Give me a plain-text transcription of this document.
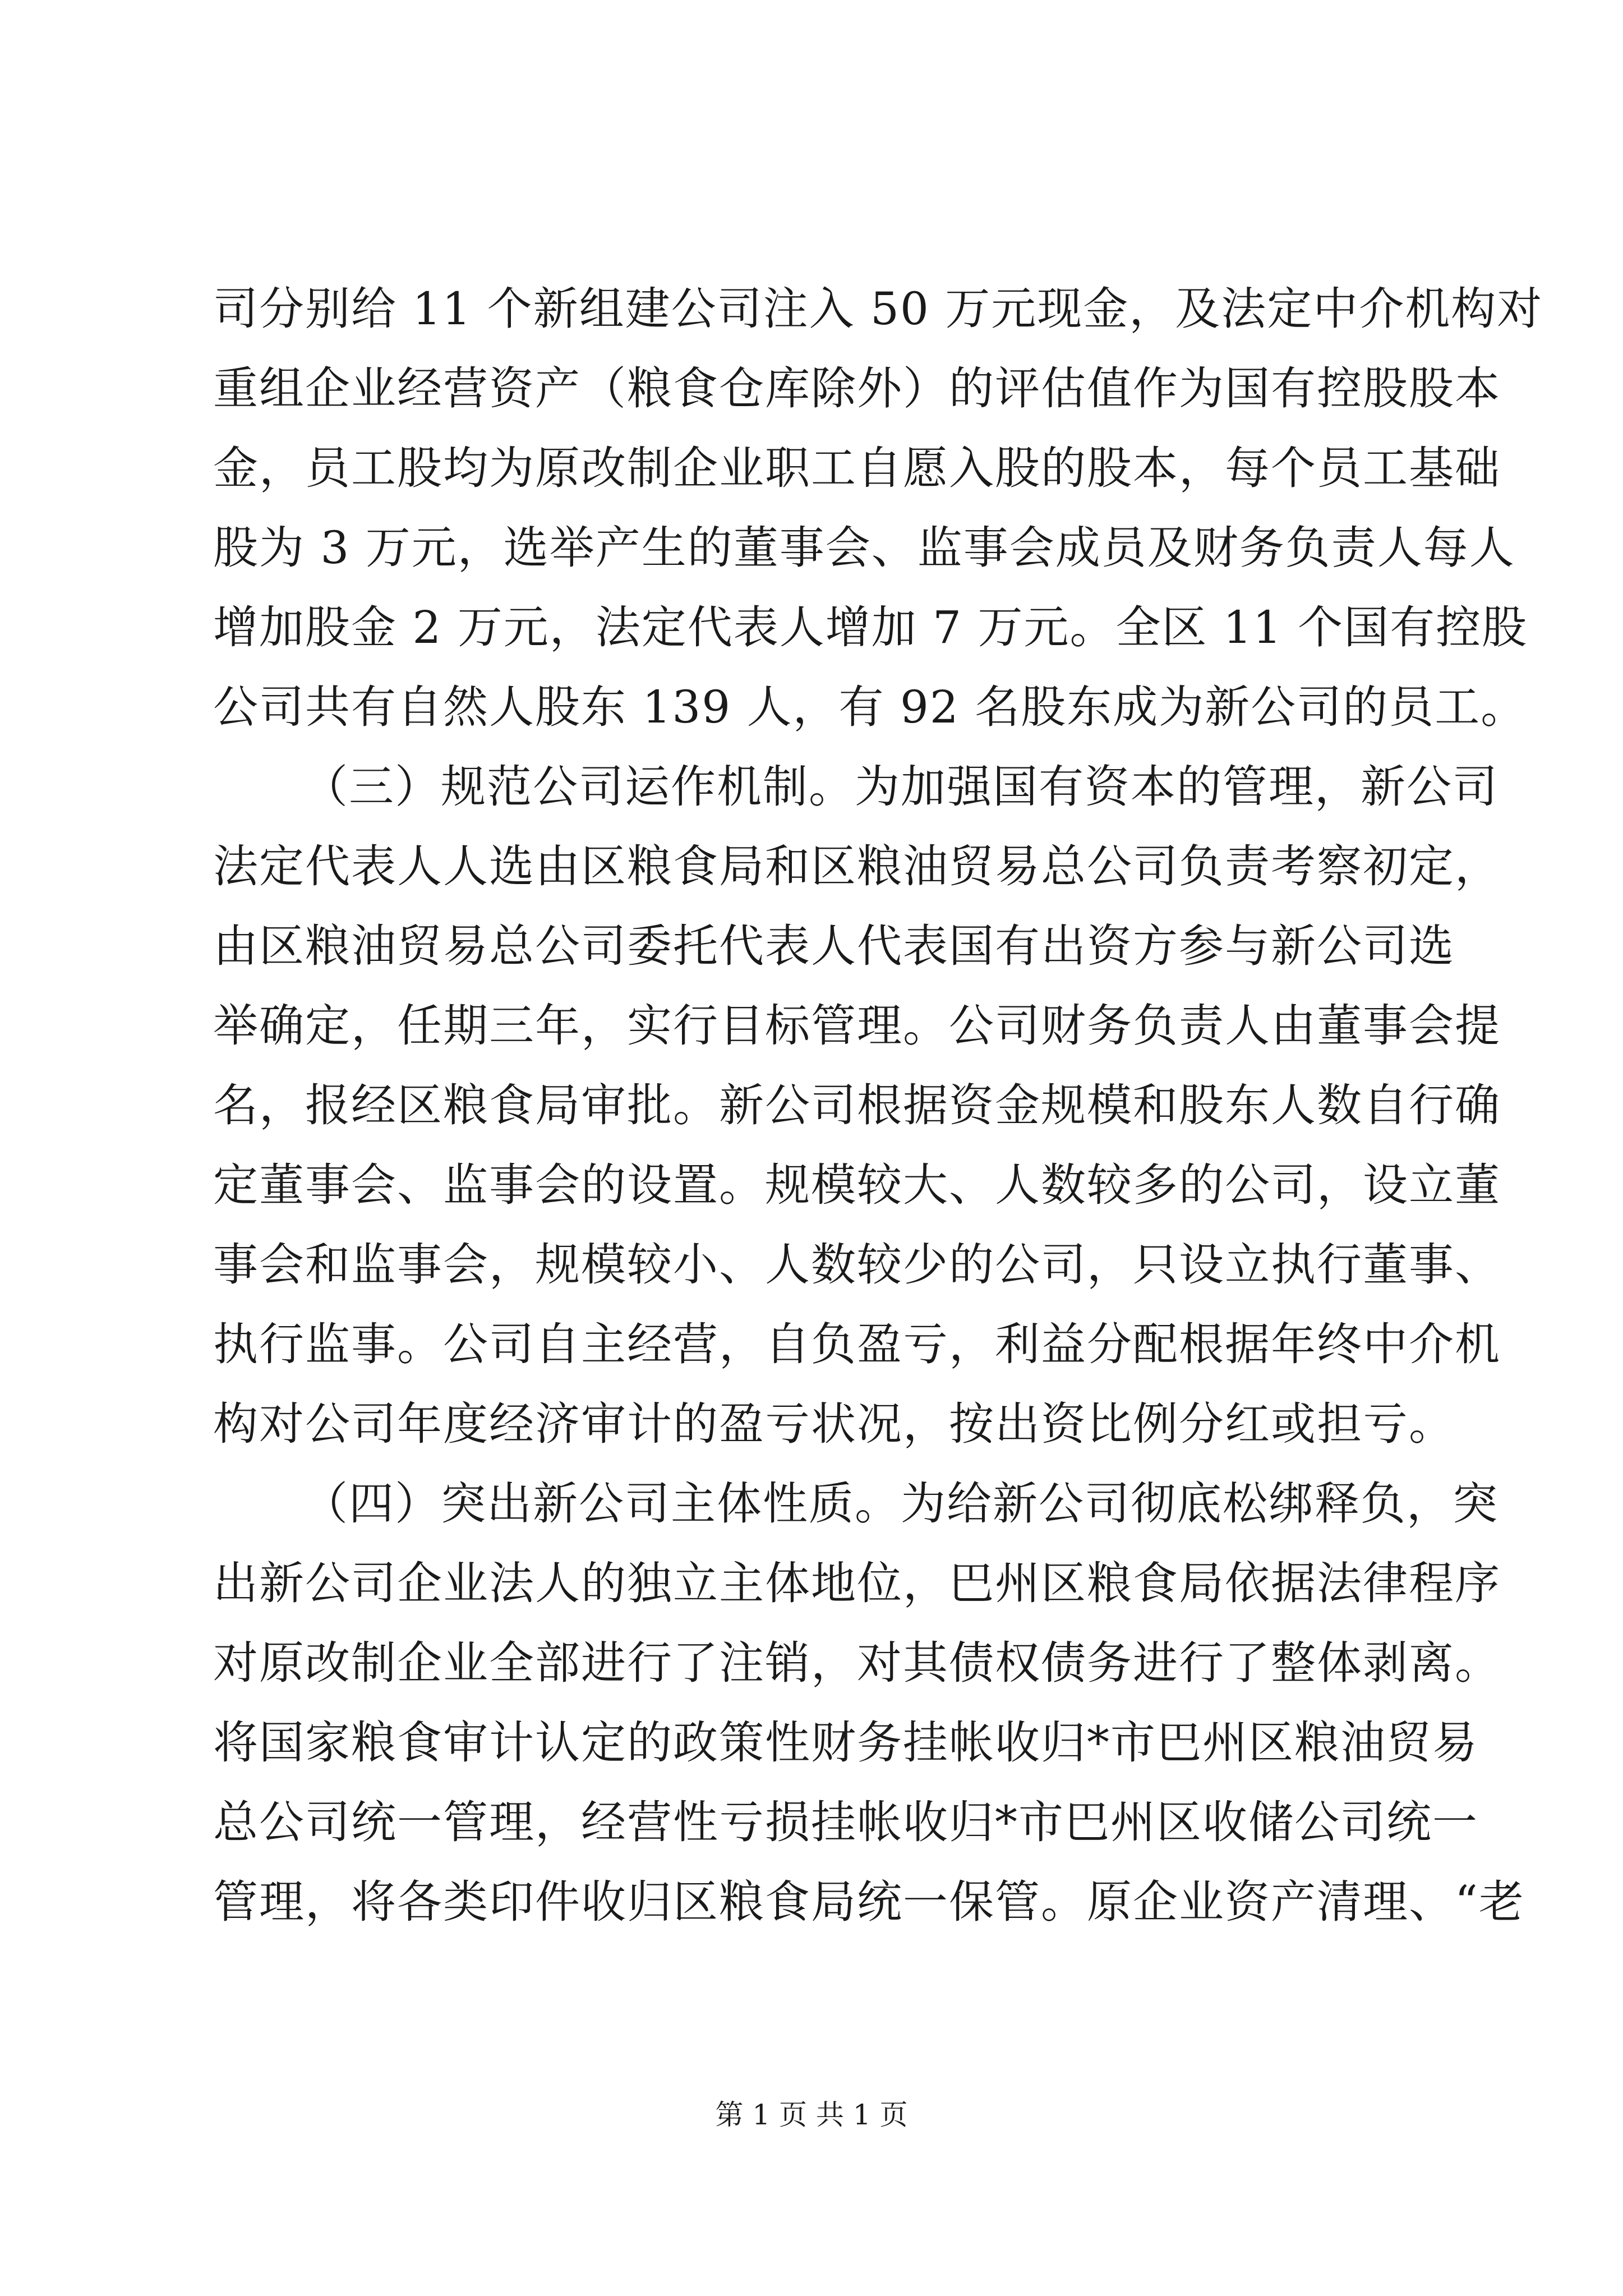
司分别给 11 个新组建公司注入 50 万元现金，及法定中介机构对
重组企业经营资产（粮食仓库除外）的评估值作为国有控股股本
金，员工股均为原改制企业职工自愿入股的股本，每个员工基础
股为 3 万元，选举产生的董事会、监事会成员及财务负责人每人
增加股金 2 万元，法定代表人增加 7 万元。全区 11 个国有控股
公司共有自然人股东 139 人，有 92 名股东成为新公司的员工。
（三）规范公司运作机制。为加强国有资本的管理，新公司
法定代表人人选由区粮食局和区粮油贸易总公司负责考察初定，
由区粮油贸易总公司委托代表人代表国有出资方参与新公司选
举确定，任期三年，实行目标管理。公司财务负责人由董事会提
名，报经区粮食局审批。新公司根据资金规模和股东人数自行确
定董事会、监事会的设置。规模较大、人数较多的公司，设立董
事会和监事会，规模较小、人数较少的公司，只设立执行董事、
执行监事。公司自主经营，自负盈亏，利益分配根据年终中介机
构对公司年度经济审计的盈亏状况，按出资比例分红或担亏。
（四）突出新公司主体性质。为给新公司彻底松绑释负，突
出新公司企业法人的独立主体地位，巴州区粮食局依据法律程序
对原改制企业全部进行了注销，对其债权债务进行了整体剥离。
将国家粮食审计认定的政策性财务挂帐收归*市巴州区粮油贸易
总公司统一管理，经营性亏损挂帐收归*市巴州区收储公司统一
管理，将各类印件收归区粮食局统一保管。原企业资产清理、“老
第 1 页 共 1 页
